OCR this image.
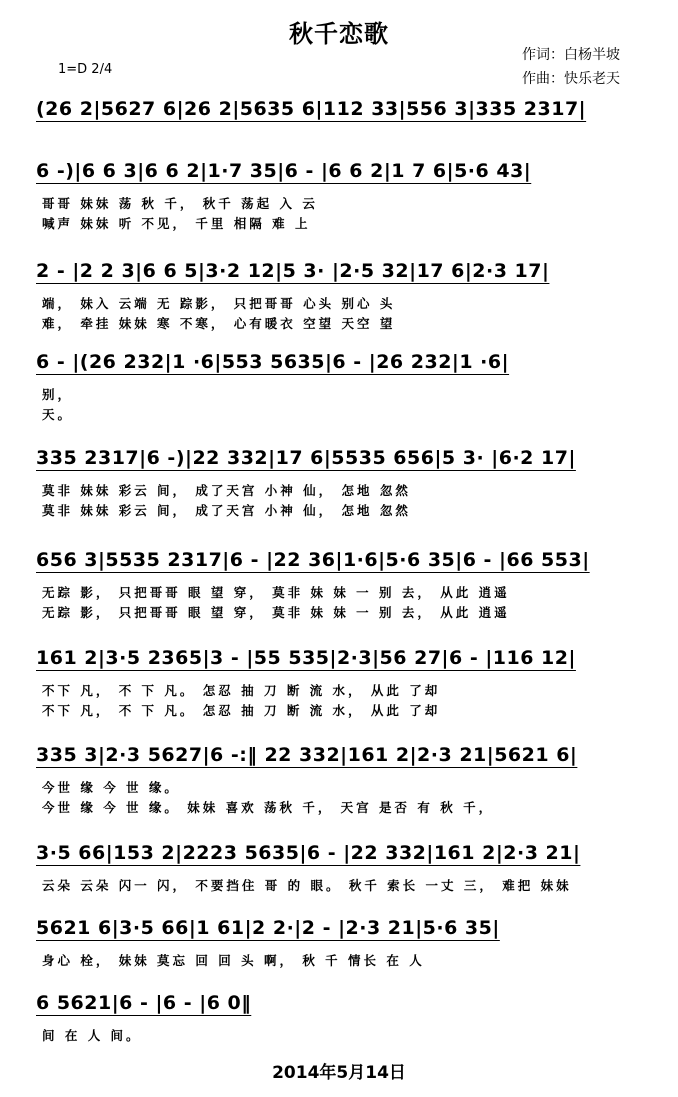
秋千恋歌
1=D 2/4
作词：白杨半坡
作曲：快乐老天
(26 2|5627 6|26 2|5635 6|112 33|556 3|335 2317|
6 -)|6 6 3|6 6 2|1·7 35|6 - |6 6 2|1 7 6|5·6 43|
哥哥 妹妹 荡 秋 千， 秋千 荡起 入 云
喊声 妹妹 听 不见， 千里 相隔 难 上
2 - |2 2 3|6 6 5|3·2 12|5 3· |2·5 32|17 6|2·3 17|
端， 妹入 云端 无 踪影， 只把哥哥 心头 别心 头
难， 牵挂 妹妹 寒 不寒， 心有暖衣 空望 天空 望
6 - |(26 232|1 ·6|553 5635|6 - |26 232|1 ·6|
别，
天。
335 2317|6 -)|22 332|17 6|5535 656|5 3· |6·2 17|
莫非 妹妹 彩云 间， 成了天宫 小神 仙， 怎地 忽然
莫非 妹妹 彩云 间， 成了天宫 小神 仙， 怎地 忽然
656 3|5535 2317|6 - |22 36|1·6|5·6 35|6 - |66 553|
无踪 影， 只把哥哥 眼 望 穿， 莫非 妹 妹 一 别 去， 从此 逍遥
无踪 影， 只把哥哥 眼 望 穿， 莫非 妹 妹 一 别 去， 从此 逍遥
161 2|3·5 2365|3 - |55 535|2·3|56 27|6 - |116 12|
不下 凡， 不 下 凡。 怎忍 抽 刀 断 流 水， 从此 了却
不下 凡， 不 下 凡。 怎忍 抽 刀 断 流 水， 从此 了却
335 3|2·3 5627|6 -:‖ 22 332|161 2|2·3 21|5621 6|
今世 缘 今 世 缘。
今世 缘 今 世 缘。 妹妹 喜欢 荡秋 千， 天宫 是否 有 秋 千，
3·5 66|153 2|2223 5635|6 - |22 332|161 2|2·3 21|
云朵 云朵 闪一 闪， 不要挡住 哥 的 眼。 秋千 索长 一丈 三， 难把 妹妹
5621 6|3·5 66|1 61|2 2·|2 - |2·3 21|5·6 35|
身心 栓， 妹妹 莫忘 回 回 头 啊， 秋 千 情长 在 人
6 5621|6 - |6 - |6 0‖
间 在 人 间。
2014年5月14日
